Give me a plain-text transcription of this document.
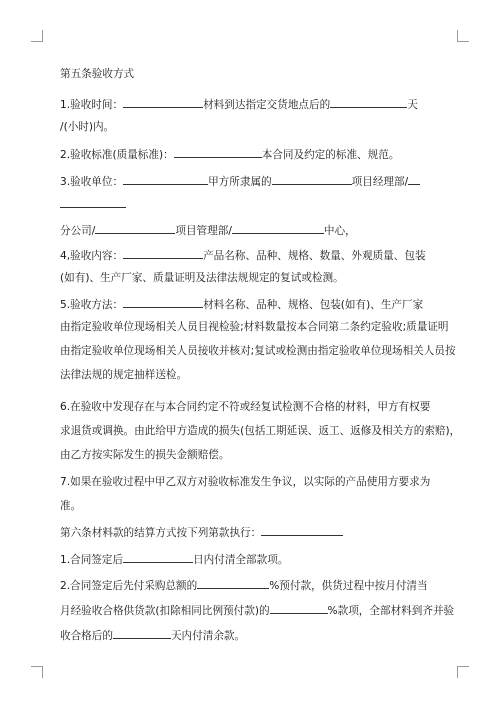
第五条验收方式
1.验收时间：	材料到达指定交货地点后的	天
/(小时)内。
2.验收标准(质量标准)：	本合同及约定的标准、规范。
3.验收单位：	甲方所隶属的	项目经理部/
分公司/	项目管理部/	中心，
4,验收内容：	产品名称、品种、规格、数量、外观质量、包装
(如有)、生产厂家、质量证明及法律法规规定的复试或检测。
5.验收方法：	材料名称、品种、规格、包装(如有)、生产厂家
由指定验收单位现场相关人员目视检验;材料数量按本合同第二条约定验收;质量证明
由指定验收单位现场相关人员接收并核对;复试或检测由指定验收单位现场相关人员按
法律法规的规定抽样送检。
6.在验收中发现存在与本合同约定不符或经复试检测不合格的材料，甲方有权要
求退货或调换。由此给甲方造成的损失(包括工期延误、返工、返修及相关方的索赔)，
由乙方按实际发生的损失金额赔偿。
7.如果在验收过程中甲乙双方对验收标准发生争议，以实际的产品使用方要求为
准。
第六条材料款的结算方式按下列第款执行：
1.合同签定后	日内付清全部款项。
2.合同签定后先付采购总额的	%预付款，供货过程中按月付清当
月经验收合格供货款(扣除相同比例预付款)的	%款项，全部材料到齐并验
收合格后的	天内付清余款。
